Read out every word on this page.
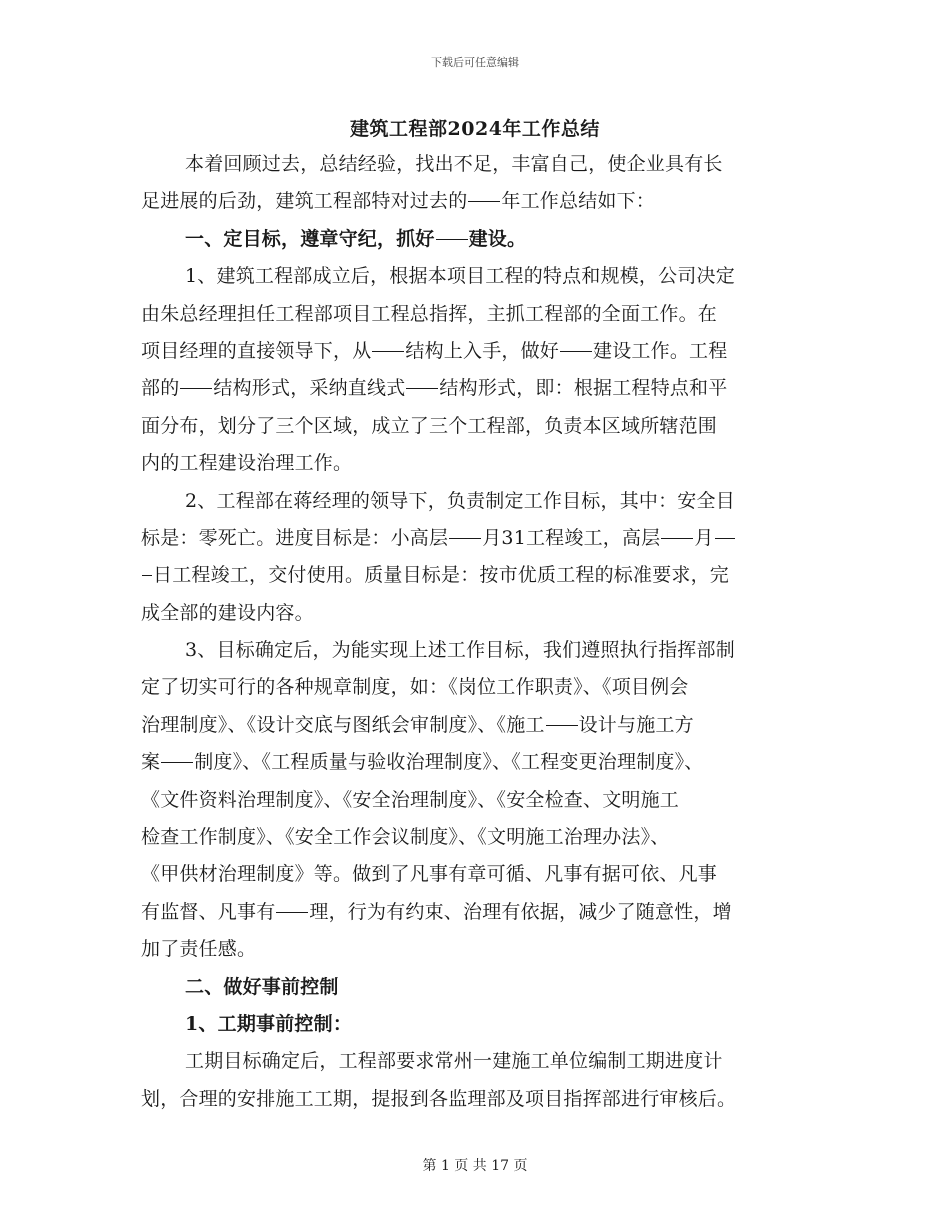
下载后可任意编辑
建筑工程部2024年工作总结
本着回顾过去，总结经验，找出不足，丰富自己，使企业具有长
足进展的后劲，建筑工程部特对过去的 年工作总结如下：
一、定目标，遵章守纪，抓好 建设。
1、建筑工程部成立后，根据本项目工程的特点和规模，公司决定
由朱总经理担任工程部项目工程总指挥，主抓工程部的全面工作。在
项目经理的直接领导下，从 结构上入手，做好 建设工作。工程
部的 结构形式，采纳直线式 结构形式，即：根据工程特点和平
面分布，划分了三个区域，成立了三个工程部，负责本区域所辖范围
内的工程建设治理工作。
2、工程部在蒋经理的领导下，负责制定工作目标，其中：安全目
标是：零死亡。进度目标是：小高层 月31工程竣工，高层 月
日工程竣工，交付使用。质量目标是：按市优质工程的标准要求，完
成全部的建设内容。
3、目标确定后，为能实现上述工作目标，我们遵照执行指挥部制
定了切实可行的各种规章制度，如：《岗位工作职责》、《项目例会
治理制度》、《设计交底与图纸会审制度》、《施工 设计与施工方
案 制度》、《工程质量与验收治理制度》、《工程变更治理制度》、
《文件资料治理制度》、《安全治理制度》、《安全检查、文明施工
检查工作制度》、《安全工作会议制度》、《文明施工治理办法》、
《甲供材治理制度》等。做到了凡事有章可循、凡事有据可依、凡事
有监督、凡事有 理，行为有约束、治理有依据，减少了随意性，增
加了责任感。
二、做好事前控制
1、工期事前控制：
工期目标确定后，工程部要求常州一建施工单位编制工期进度计
划，合理的安排施工工期，提报到各监理部及项目指挥部进行审核后。
第 1 页 共 17 页
